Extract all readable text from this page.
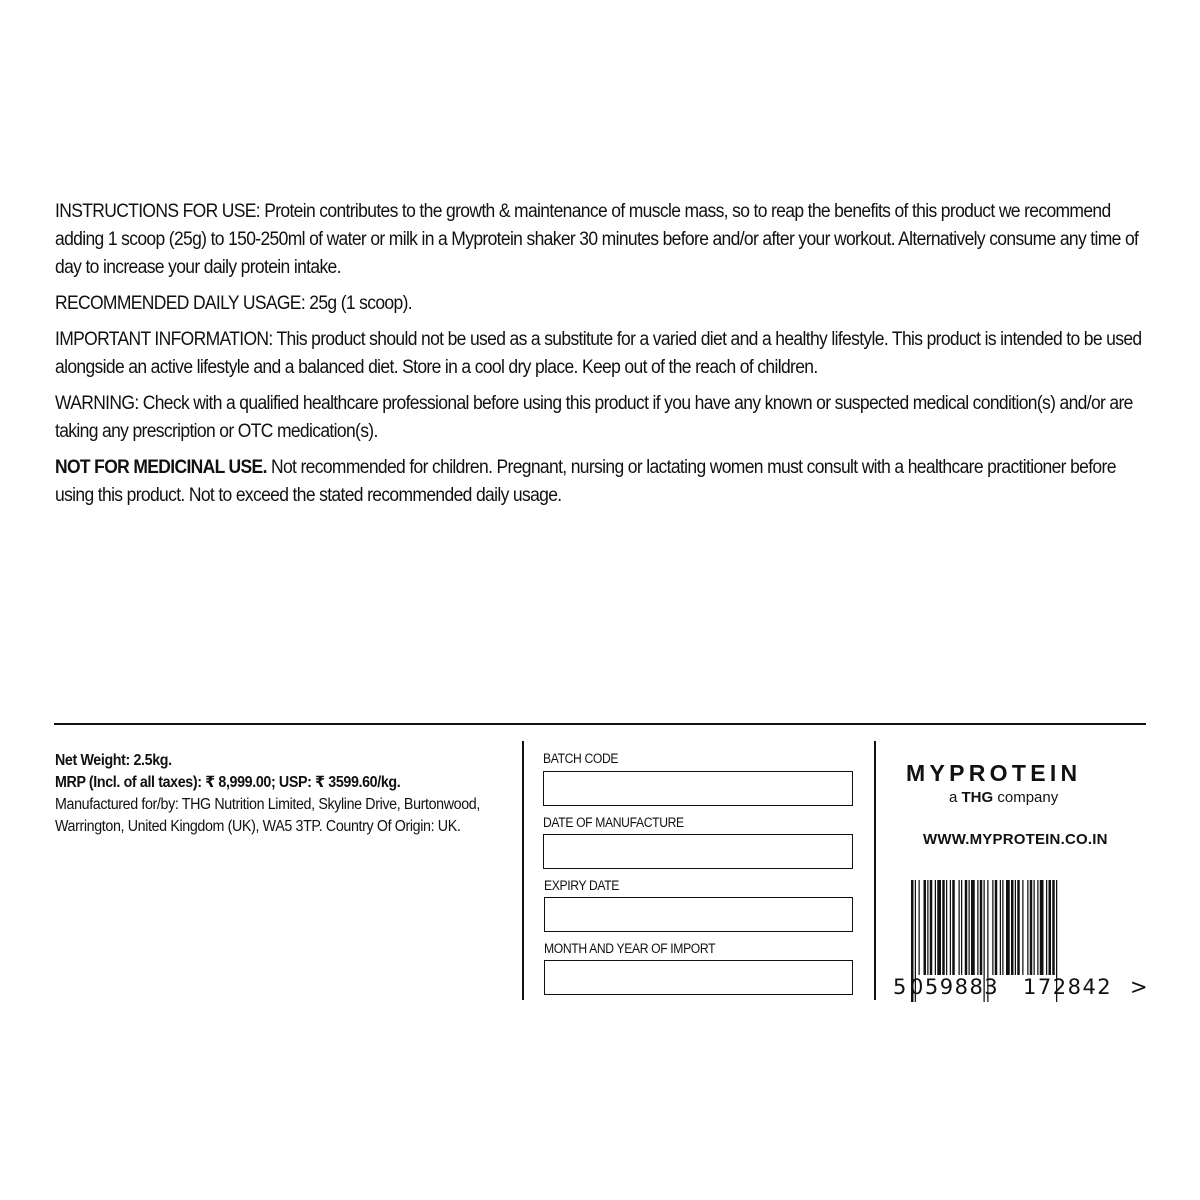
INSTRUCTIONS FOR USE: Protein contributes to the growth & maintenance of muscle mass, so to reap the benefits of this product we recommend adding 1 scoop (25g) to 150-250ml of water or milk in a Myprotein shaker 30 minutes before and/or after your workout. Alternatively consume any time of day to increase your daily protein intake.

RECOMMENDED DAILY USAGE: 25g (1 scoop).

IMPORTANT INFORMATION: This product should not be used as a substitute for a varied diet and a healthy lifestyle. This product is intended to be used alongside an active lifestyle and a balanced diet. Store in a cool dry place. Keep out of the reach of children.

WARNING: Check with a qualified healthcare professional before using this product if you have any known or suspected medical condition(s) and/or are taking any prescription or OTC medication(s).

NOT FOR MEDICINAL USE. Not recommended for children. Pregnant, nursing or lactating women must consult with a healthcare practitioner before using this product. Not to exceed the stated recommended daily usage.

Net Weight: 2.5kg.
MRP (Incl. of all taxes): ₹ 8,999.00; USP: ₹ 3599.60/kg.
Manufactured for/by: THG Nutrition Limited, Skyline Drive, Burtonwood,
Warrington, United Kingdom (UK), WA5 3TP. Country Of Origin: UK.
BATCH CODE
DATE OF MANUFACTURE
EXPIRY DATE
MONTH AND YEAR OF IMPORT
MYPROTEIN
a THG company
WWW.MYPROTEIN.CO.IN
5 059883 172842 >
